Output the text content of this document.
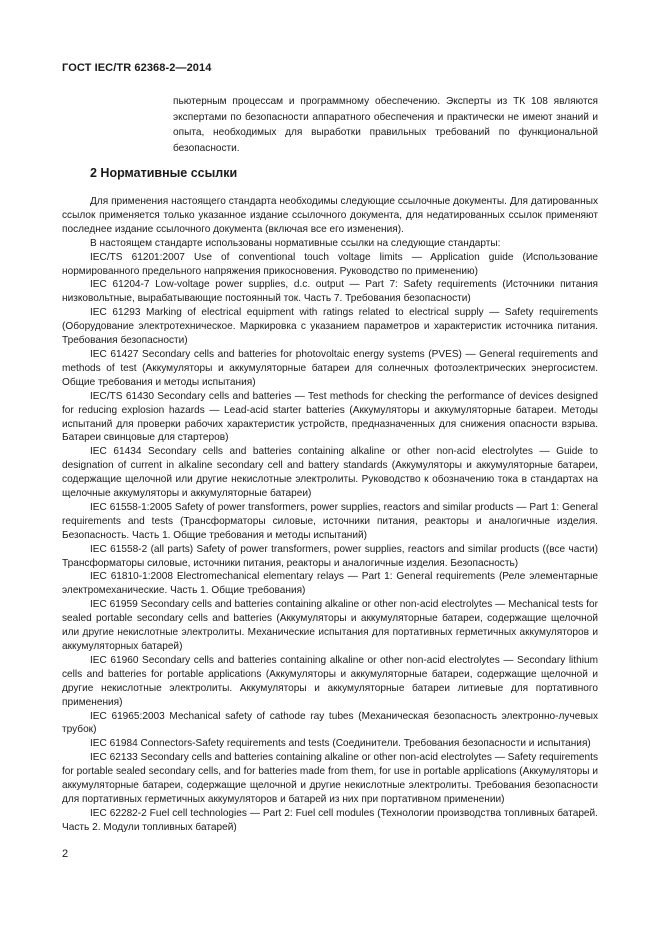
ГОСТ IEC/TR 62368-2—2014

пьютерным процессам и программному обеспечению. Эксперты из ТК 108 являются экспертами по безопасности аппаратного обеспечения и практически не имеют знаний и опыта, необходимых для выработки правильных требований по функциональной безопасности.

2 Нормативные ссылки

Для применения настоящего стандарта необходимы следующие ссылочные документы. Для датированных ссылок применяется только указанное издание ссылочного документа, для недатированных ссылок применяют последнее издание ссылочного документа (включая все его изменения).

В настоящем стандарте использованы нормативные ссылки на следующие стандарты:

IEC/TS 61201:2007 Use of conventional touch voltage limits — Application guide (Использование нормированного предельного напряжения прикосновения. Руководство по применению)

IEC 61204-7 Low-voltage power supplies, d.c. output — Part 7: Safety requirements (Источники питания низковольтные, вырабатывающие постоянный ток. Часть 7. Требования безопасности)

IEC 61293 Marking of electrical equipment with ratings related to electrical supply — Safety requirements (Оборудование электротехническое. Маркировка с указанием параметров и характеристик источника питания. Требования безопасности)

IEC 61427 Secondary cells and batteries for photovoltaic energy systems (PVES) — General requirements and methods of test (Аккумуляторы и аккумуляторные батареи для солнечных фотоэлектрических энергосистем. Общие требования и методы испытания)

IEC/TS 61430 Secondary cells and batteries — Test methods for checking the performance of devices designed for reducing explosion hazards — Lead-acid starter batteries (Аккумуляторы и аккумуляторные батареи. Методы испытаний для проверки рабочих характеристик устройств, предназначенных для снижения опасности взрыва. Батареи свинцовые для стартеров)

IEC 61434 Secondary cells and batteries containing alkaline or other non-acid electrolytes — Guide to designation of current in alkaline secondary cell and battery standards (Аккумуляторы и аккумуляторные батареи, содержащие щелочной или другие некислотные электролиты. Руководство к обозначению тока в стандартах на щелочные аккумуляторы и аккумуляторные батареи)

IEC 61558-1:2005 Safety of power transformers, power supplies, reactors and similar products — Part 1: General requirements and tests (Трансформаторы силовые, источники питания, реакторы и аналогичные изделия. Безопасность. Часть 1. Общие требования и методы испытаний)

IEC 61558-2 (all parts) Safety of power transformers, power supplies, reactors and similar products ((все части) Трансформаторы силовые, источники питания, реакторы и аналогичные изделия. Безопасность)

IEC 61810-1:2008 Electromechanical elementary relays — Part 1: General requirements (Реле элементарные электромеханические. Часть 1. Общие требования)

IEC 61959 Secondary cells and batteries containing alkaline or other non-acid electrolytes — Mechanical tests for sealed portable secondary cells and batteries (Аккумуляторы и аккумуляторные батареи, содержащие щелочной или другие некислотные электролиты. Механические испытания для портативных герметичных аккумуляторов и аккумуляторных батарей)

IEC 61960 Secondary cells and batteries containing alkaline or other non-acid electrolytes — Secondary lithium cells and batteries for portable applications (Аккумуляторы и аккумуляторные батареи, содержащие щелочной и другие некислотные электролиты. Аккумуляторы и аккумуляторные батареи литиевые для портативного применения)

IEC 61965:2003 Mechanical safety of cathode ray tubes (Механическая безопасность электронно-лучевых трубок)

IEC 61984 Connectors-Safety requirements and tests (Соединители. Требования безопасности и испытания)

IEC 62133 Secondary cells and batteries containing alkaline or other non-acid electrolytes — Safety requirements for portable sealed secondary cells, and for batteries made from them, for use in portable applications (Аккумуляторы и аккумуляторные батареи, содержащие щелочной и другие некислотные электролиты. Требования безопасности для портативных герметичных аккумуляторов и батарей из них при портативном применении)

IEC 62282-2 Fuel cell technologies — Part 2: Fuel cell modules (Технологии производства топливных батарей. Часть 2. Модули топливных батарей)

2
